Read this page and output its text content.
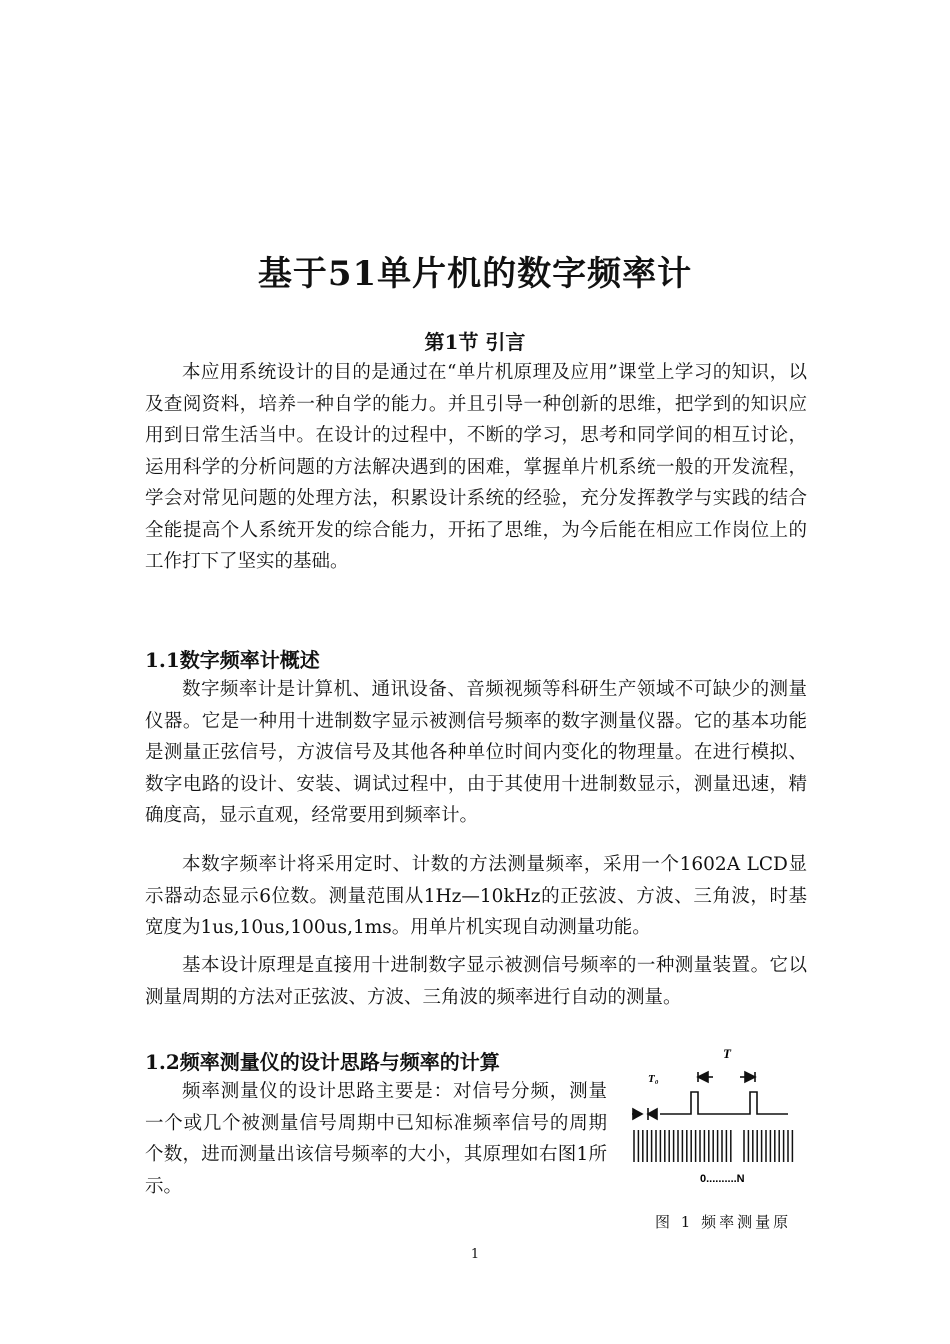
基于51单片机的数字频率计
第1节 引言

本应用系统设计的目的是通过在“单片机原理及应用”课堂上学习的知识，以及查阅资料，培养一种自学的能力。并且引导一种创新的思维，把学到的知识应用到日常生活当中。在设计的过程中，不断的学习，思考和同学间的相互讨论，运用科学的分析问题的方法解决遇到的困难，掌握单片机系统一般的开发流程，学会对常见问题的处理方法，积累设计系统的经验，充分发挥教学与实践的结合全能提高个人系统开发的综合能力，开拓了思维，为今后能在相应工作岗位上的工作打下了坚实的基础。

1.1数字频率计概述

数字频率计是计算机、通讯设备、音频视频等科研生产领域不可缺少的测量仪器。它是一种用十进制数字显示被测信号频率的数字测量仪器。它的基本功能是测量正弦信号，方波信号及其他各种单位时间内变化的物理量。在进行模拟、数字电路的设计、安装、调试过程中，由于其使用十进制数显示，测量迅速，精确度高，显示直观，经常要用到频率计。

本数字频率计将采用定时、计数的方法测量频率，采用一个1602A LCD显示器动态显示6位数。测量范围从1Hz—10kHz的正弦波、方波、三角波，时基宽度为1us,10us,100us,1ms。用单片机实现自动测量功能。

基本设计原理是直接用十进制数字显示被测信号频率的一种测量装置。它以测量周期的方法对正弦波、方波、三角波的频率进行自动的测量。

1.2频率测量仪的设计思路与频率的计算

频率测量仪的设计思路主要是：对信号分频，测量一个或几个被测量信号周期中已知标准频率信号的周期个数，进而测量出该信号频率的大小，其原理如右图1所示。

T
T₀
0..........N

图 1 频率测量原

1
